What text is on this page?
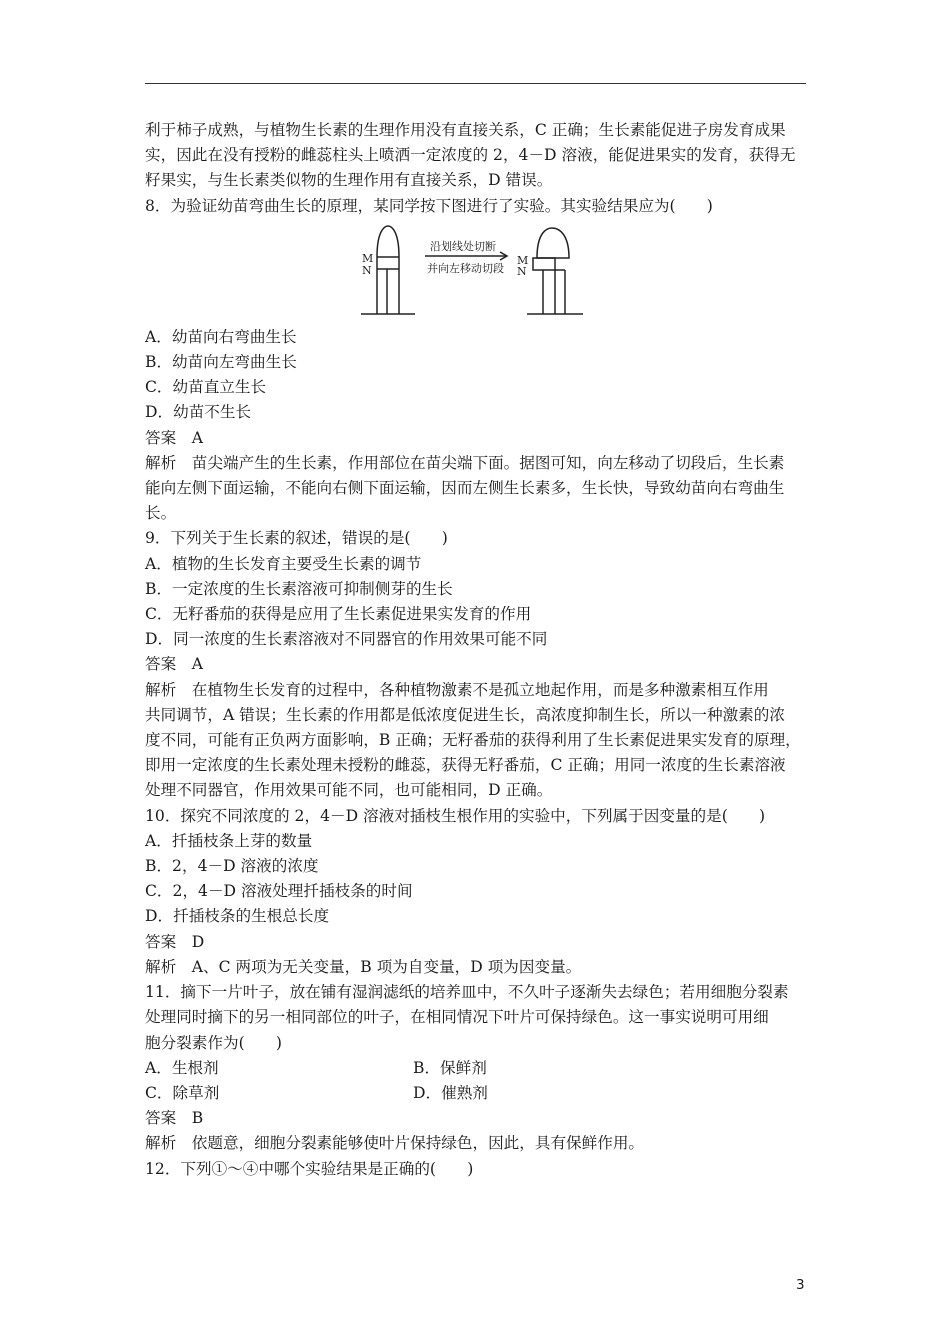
利于柿子成熟，与植物生长素的生理作用没有直接关系，C 正确；生长素能促进子房发育成果
实，因此在没有授粉的雌蕊柱头上喷洒一定浓度的 2，4－D 溶液，能促进果实的发育，获得无
籽果实，与生长素类似物的生理作用有直接关系，D 错误。
8．为验证幼苗弯曲生长的原理，某同学按下图进行了实验。其实验结果应为(　　)
M
N
M
N
沿划线处切断
并向左移动切段
A．幼苗向右弯曲生长
B．幼苗向左弯曲生长
C．幼苗直立生长
D．幼苗不生长
答案　A
解析　苗尖端产生的生长素，作用部位在苗尖端下面。据图可知，向左移动了切段后，生长素
能向左侧下面运输，不能向右侧下面运输，因而左侧生长素多，生长快，导致幼苗向右弯曲生
长。
9．下列关于生长素的叙述，错误的是(　　)
A．植物的生长发育主要受生长素的调节
B．一定浓度的生长素溶液可抑制侧芽的生长
C．无籽番茄的获得是应用了生长素促进果实发育的作用
D．同一浓度的生长素溶液对不同器官的作用效果可能不同
答案　A
解析　在植物生长发育的过程中，各种植物激素不是孤立地起作用，而是多种激素相互作用
共同调节，A 错误；生长素的作用都是低浓度促进生长，高浓度抑制生长，所以一种激素的浓
度不同，可能有正负两方面影响，B 正确；无籽番茄的获得利用了生长素促进果实发育的原理，
即用一定浓度的生长素处理未授粉的雌蕊，获得无籽番茄，C 正确；用同一浓度的生长素溶液
处理不同器官，作用效果可能不同，也可能相同，D 正确。
10．探究不同浓度的 2，4－D 溶液对插枝生根作用的实验中，下列属于因变量的是(　　)
A．扦插枝条上芽的数量
B．2，4－D 溶液的浓度
C．2，4－D 溶液处理扦插枝条的时间
D．扦插枝条的生根总长度
答案　D
解析　A、C 两项为无关变量，B 项为自变量，D 项为因变量。
11．摘下一片叶子，放在铺有湿润滤纸的培养皿中，不久叶子逐渐失去绿色；若用细胞分裂素
处理同时摘下的另一相同部位的叶子，在相同情况下叶片可保持绿色。这一事实说明可用细
胞分裂素作为(　　)
A．生根剂	B．保鲜剂
C．除草剂	D．催熟剂
答案　B
解析　依题意，细胞分裂素能够使叶片保持绿色，因此，具有保鲜作用。
12．下列①～④中哪个实验结果是正确的(　　)
3
